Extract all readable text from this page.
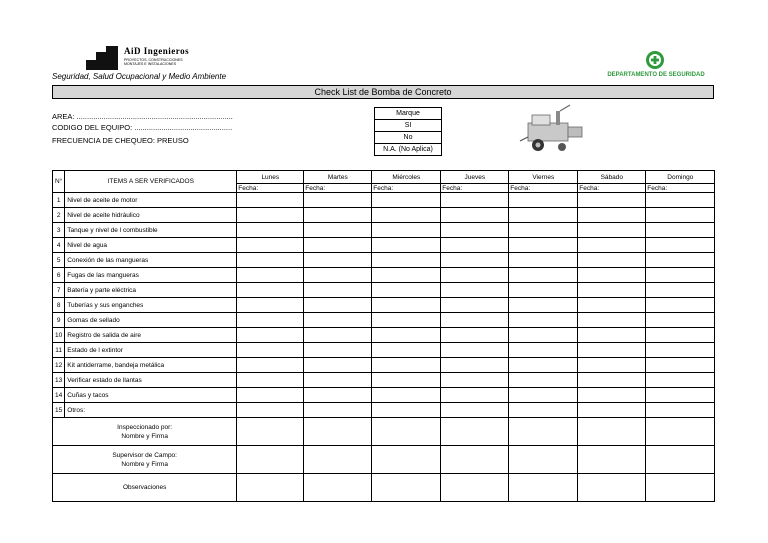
AiD Ingenieros
PROYECTOS, CONSTRUCCIONES
MONTAJES E INSTALACIONES
Seguridad, Salud Ocupacional y Medio Ambiente	DEPARTAMENTO DE SEGURIDAD
Check List de Bomba de Concreto
AREA: ...........................................................................
CODIGO DEL EQUIPO: ...............................................
FRECUENCIA DE CHEQUEO: PREUSO
Marque
SI
No
N.A. (No Aplica)
N°	ITEMS A SER VERIFICADOS	Lunes	Martes	Miércoles	Jueves	Viernes	Sábado	Domingo
		Fecha:	Fecha:	Fecha:	Fecha:	Fecha:	Fecha:	Fecha:
1	Nivel de aceite de motor							
2	Nivel de aceite hidráulico							
3	Tanque y nivel de l combustible							
4	Nivel de agua							
5	Conexión de las mangueras							
6	Fugas de las mangueras							
7	Batería y parte eléctrica							
8	Tuberías y sus enganches							
9	Gomas de sellado							
10	Registro de salida de aire							
11	Estado de l extintor							
12	Kit antiderrame, bandeja metálica							
13	Verificar estado de llantas							
14	Cuñas y tacos							
15	Otros:							

Inspeccionado por:
Nombre y Firma								

Supervisor de Campo:
Nombre y Firma								

Observaciones								
